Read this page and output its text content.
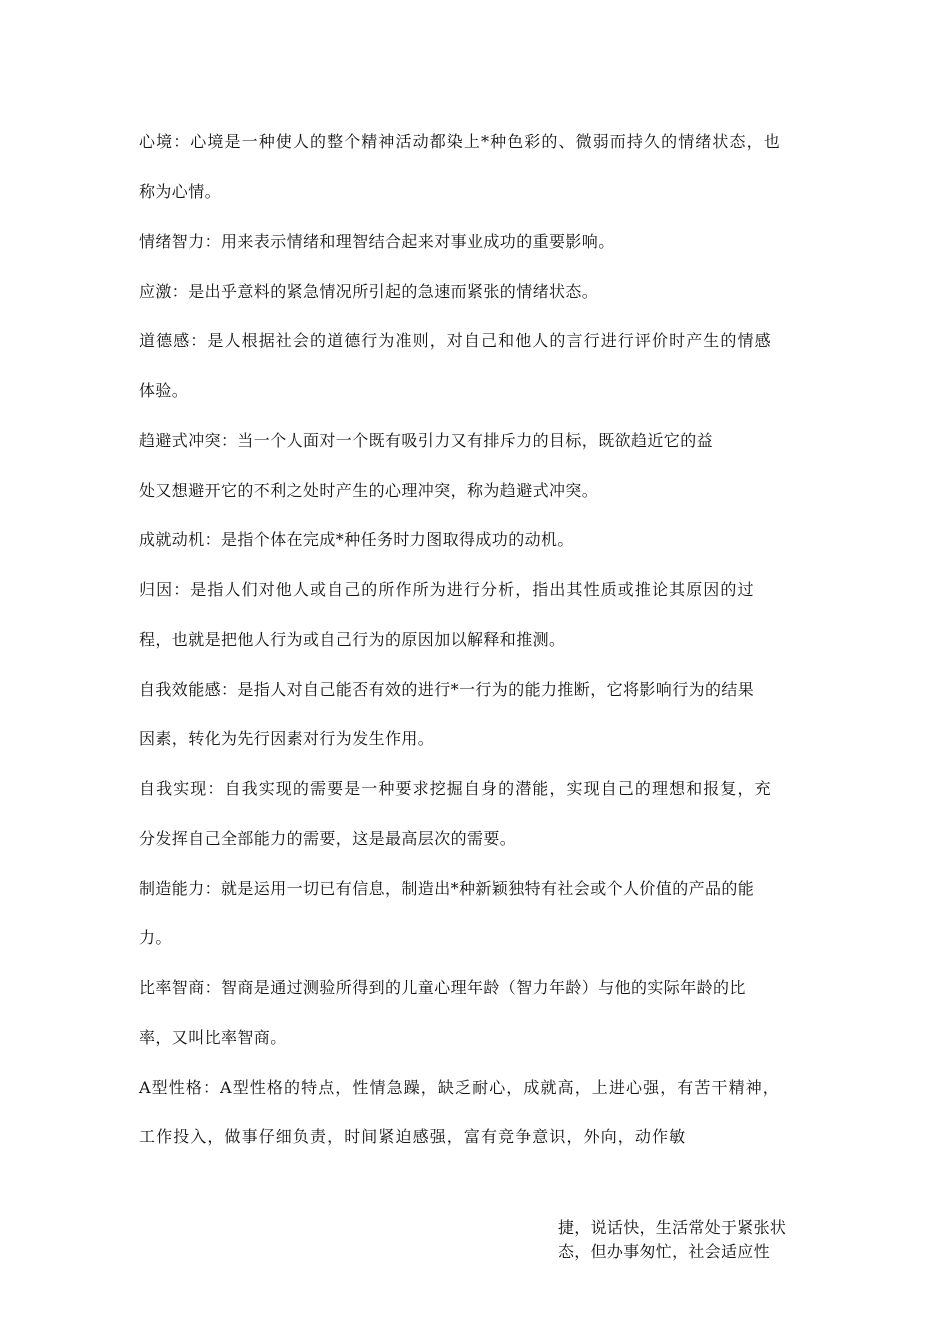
心境：心境是一种使人的整个精神活动都染上*种色彩的、微弱而持久的情绪状态，也
称为心情。
情绪智力：用来表示情绪和理智结合起来对事业成功的重要影响。
应激：是出乎意料的紧急情况所引起的急速而紧张的情绪状态。
道德感：是人根据社会的道德行为准则，对自己和他人的言行进行评价时产生的情感
体验。
趋避式冲突：当一个人面对一个既有吸引力又有排斥力的目标，既欲趋近它的益
处又想避开它的不利之处时产生的心理冲突，称为趋避式冲突。
成就动机：是指个体在完成*种任务时力图取得成功的动机。
归因：是指人们对他人或自己的所作所为进行分析，指出其性质或推论其原因的过
程，也就是把他人行为或自己行为的原因加以解释和推测。
自我效能感：是指人对自己能否有效的进行*一行为的能力推断，它将影响行为的结果
因素，转化为先行因素对行为发生作用。
自我实现：自我实现的需要是一种要求挖掘自身的潜能，实现自己的理想和报复，充
分发挥自己全部能力的需要，这是最高层次的需要。
制造能力：就是运用一切已有信息，制造出*种新颖独特有社会或个人价值的产品的能
力。
比率智商：智商是通过测验所得到的儿童心理年龄（智力年龄）与他的实际年龄的比
率，又叫比率智商。
A型性格：A型性格的特点，性情急躁，缺乏耐心，成就高，上进心强，有苦干精神，
工作投入，做事仔细负责，时间紧迫感强，富有竞争意识，外向，动作敏
捷，说话快，生活常处于紧张状
态，但办事匆忙，社会适应性
